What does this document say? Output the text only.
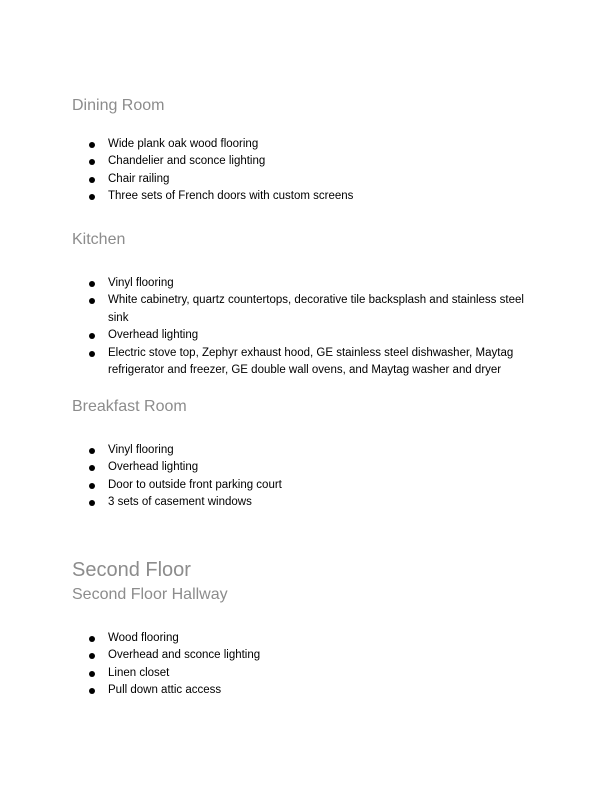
Dining Room
Wide plank oak wood flooring
Chandelier and sconce lighting
Chair railing
Three sets of French doors with custom screens
Kitchen
Vinyl flooring
White cabinetry, quartz countertops, decorative tile backsplash and stainless steel sink
Overhead lighting
Electric stove top, Zephyr exhaust hood, GE stainless steel dishwasher, Maytag refrigerator and freezer, GE double wall ovens, and Maytag washer and dryer
Breakfast Room
Vinyl flooring
Overhead lighting
Door to outside front parking court
3 sets of casement windows
Second Floor
Second Floor Hallway
Wood flooring
Overhead and sconce lighting
Linen closet
Pull down attic access
